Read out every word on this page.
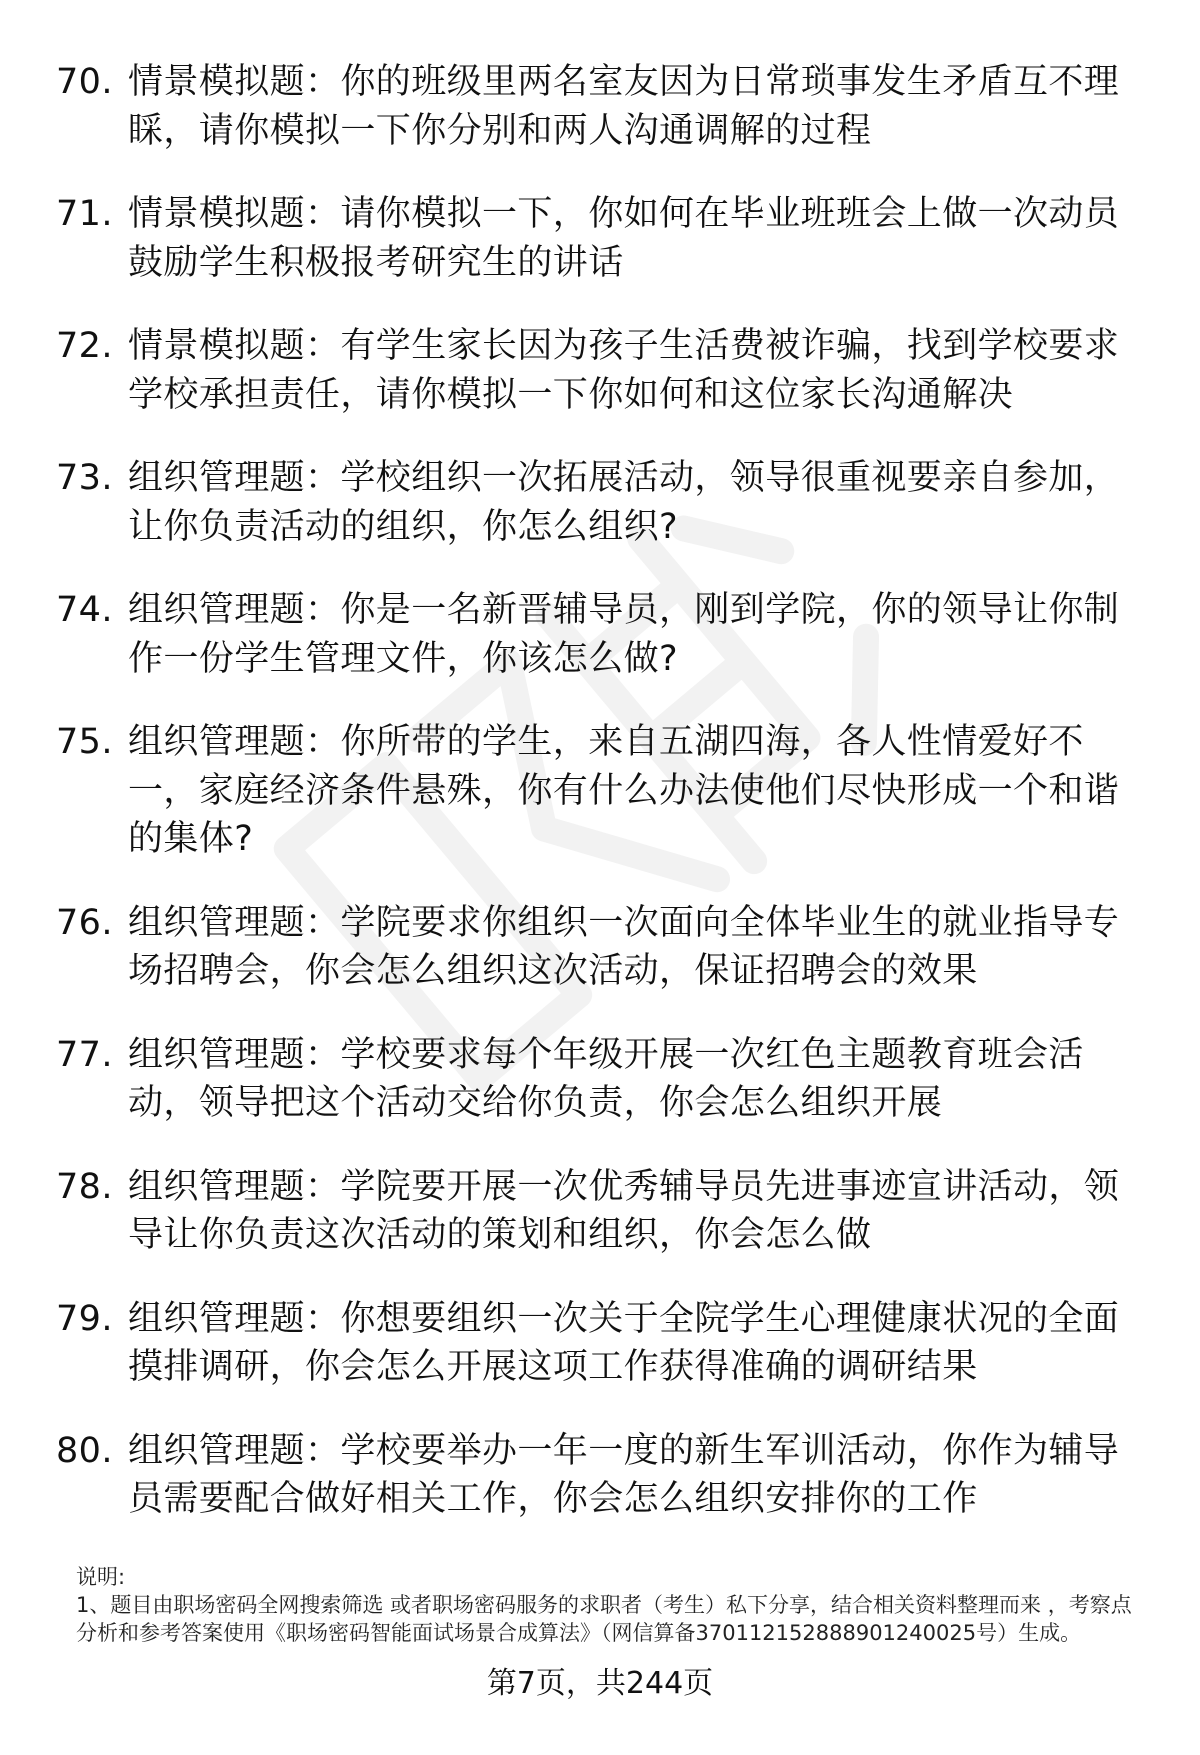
70. 情景模拟题：你的班级里两名室友因为日常琐事发生矛盾互不理睬，请你模拟一下你分别和两人沟通调解的过程
71. 情景模拟题：请你模拟一下，你如何在毕业班班会上做一次动员鼓励学生积极报考研究生的讲话
72. 情景模拟题：有学生家长因为孩子生活费被诈骗，找到学校要求学校承担责任，请你模拟一下你如何和这位家长沟通解决
73. 组织管理题：学校组织一次拓展活动，领导很重视要亲自参加，让你负责活动的组织，你怎么组织?
74. 组织管理题：你是一名新晋辅导员，刚到学院，你的领导让你制作一份学生管理文件，你该怎么做?
75. 组织管理题：你所带的学生，来自五湖四海，各人性情爱好不一，家庭经济条件悬殊，你有什么办法使他们尽快形成一个和谐的集体?
76. 组织管理题：学院要求你组织一次面向全体毕业生的就业指导专场招聘会，你会怎么组织这次活动，保证招聘会的效果
77. 组织管理题：学校要求每个年级开展一次红色主题教育班会活动，领导把这个活动交给你负责，你会怎么组织开展
78. 组织管理题：学院要开展一次优秀辅导员先进事迹宣讲活动，领导让你负责这次活动的策划和组织，你会怎么做
79. 组织管理题：你想要组织一次关于全院学生心理健康状况的全面摸排调研，你会怎么开展这项工作获得准确的调研结果
80. 组织管理题：学校要举办一年一度的新生军训活动，你作为辅导员需要配合做好相关工作，你会怎么组织安排你的工作
说明:
1、题目由职场密码全网搜索筛选 或者职场密码服务的求职者（考生）私下分享，结合相关资料整理而来 ，考察点分析和参考答案使用《职场密码智能面试场景合成算法》（网信算备370112152888901240025号）生成。
第7页，共244页
